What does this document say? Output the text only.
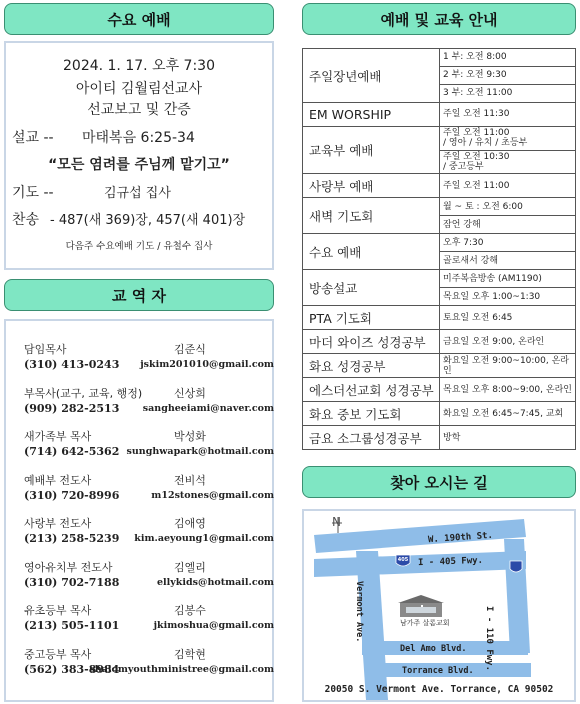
수요 예배
2024. 1. 17. 오후 7:30
아이티 김월림선교사
선교보고 및 간증
설교 -- 마태복음 6:25-34
“모든 염려를 주님께 맡기고”
기도 --	김규섭 집사
찬송 - 487(새 369)장, 457(새 401)장
다음주 수요예배 기도 / 유철수 집사
교 역 자
담임목사	김준식
(310) 413-0243 jskim201010@gmail.com
부목사(교구, 교육, 행정)	신상희
(909) 282-2513 sangheeiami@naver.com
새가족부 목사	박성화
(714) 642-5362 sunghwapark@hotmail.com
예배부 전도사	전비석
(310) 720-8996	m12stones@gmail.com
사랑부 전도사	김애영
(213) 258-5239 kim.aeyoung1@gmail.com
영아유치부 전도사	김엘리
(310) 702-7188	ellykids@hotmail.com
유초등부 목사	김봉수
(213) 505-1101	jkimoshua@gmail.com
중고등부 목사	김학현
(562) 383-8984
shalomyouthministree@gmail.com
예배 및 교육 안내
주일장년예배	1 부: 오전 8:00
	2 부: 오전 9:30
	3 부: 오전 11:00
EM WORSHIP	주일 오전 11:30
교육부 예배	주일 오전 11:00
/ 영아 / 유치 / 초등부
	주일 오전 10:30
/ 중고등부
사랑부 예배	주일 오전 11:00
새벽 기도회	월 ~ 토 : 오전 6:00
	잠언 강해
수요 예배	오후 7:30
	골로새서 강해
방송설교	미주복음방송 (AM1190)
	목요일 오후 1:00~1:30
PTA 기도회	토요일 오전 6:45
마더 와이즈 성경공부	금요일 오전 9:00, 온라인
화요 성경공부	화요일 오전 9:00~10:00, 온라인
에스더선교회 성경공부	목요일 오후 8:00~9:00, 온라인
화요 중보 기도회	화요일 오전 6:45~7:45, 교회
금요 소그룹성경공부	방학
찾아 오시는 길
W. 190th St.
I - 405 Fwy.
405
I - 110 Fwy.
Vermont Ave.
Del Amo Blvd.
Torrance Blvd.
남가주 살롬교회
N
20050 S. Vermont Ave. Torrance, CA 90502
